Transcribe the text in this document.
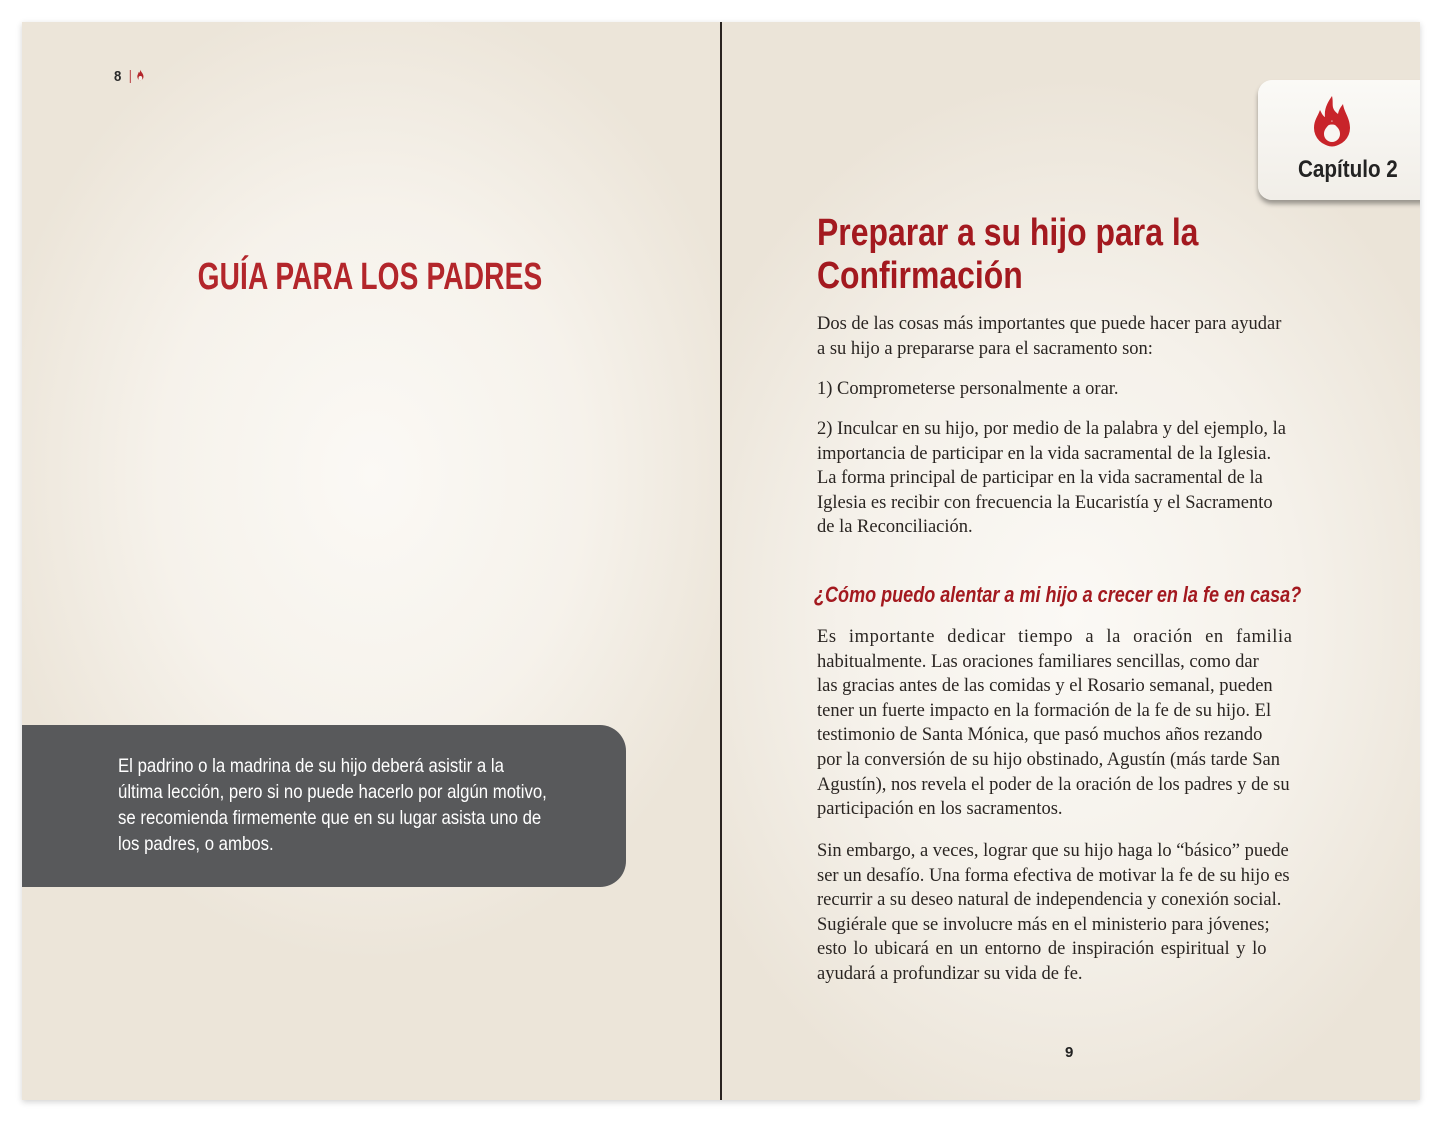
8
GUÍA PARA LOS PADRES
El padrino o la madrina de su hijo deberá asistir a la
última lección, pero si no puede hacerlo por algún motivo,
se recomienda firmemente que en su lugar asista uno de
los padres, o ambos.
Capítulo 2
Preparar a su hijo para la
Confirmación
Dos de las cosas más importantes que puede hacer para ayudar
a su hijo a prepararse para el sacramento son:
1) Comprometerse personalmente a orar.
2) Inculcar en su hijo, por medio de la palabra y del ejemplo, la
importancia de participar en la vida sacramental de la Iglesia.
La forma principal de participar en la vida sacramental de la
Iglesia es recibir con frecuencia la Eucaristía y el Sacramento
de la Reconciliación.
¿Cómo puedo alentar a mi hijo a crecer en la fe en casa?
Es importante dedicar tiempo a la oración en familia
habitualmente. Las oraciones familiares sencillas, como dar
las gracias antes de las comidas y el Rosario semanal, pueden
tener un fuerte impacto en la formación de la fe de su hijo. El
testimonio de Santa Mónica, que pasó muchos años rezando
por la conversión de su hijo obstinado, Agustín (más tarde San
Agustín), nos revela el poder de la oración de los padres y de su
participación en los sacramentos.
Sin embargo, a veces, lograr que su hijo haga lo “básico” puede
ser un desafío. Una forma efectiva de motivar la fe de su hijo es
recurrir a su deseo natural de independencia y conexión social.
Sugiérale que se involucre más en el ministerio para jóvenes;
esto lo ubicará en un entorno de inspiración espiritual y lo
ayudará a profundizar su vida de fe.
9
